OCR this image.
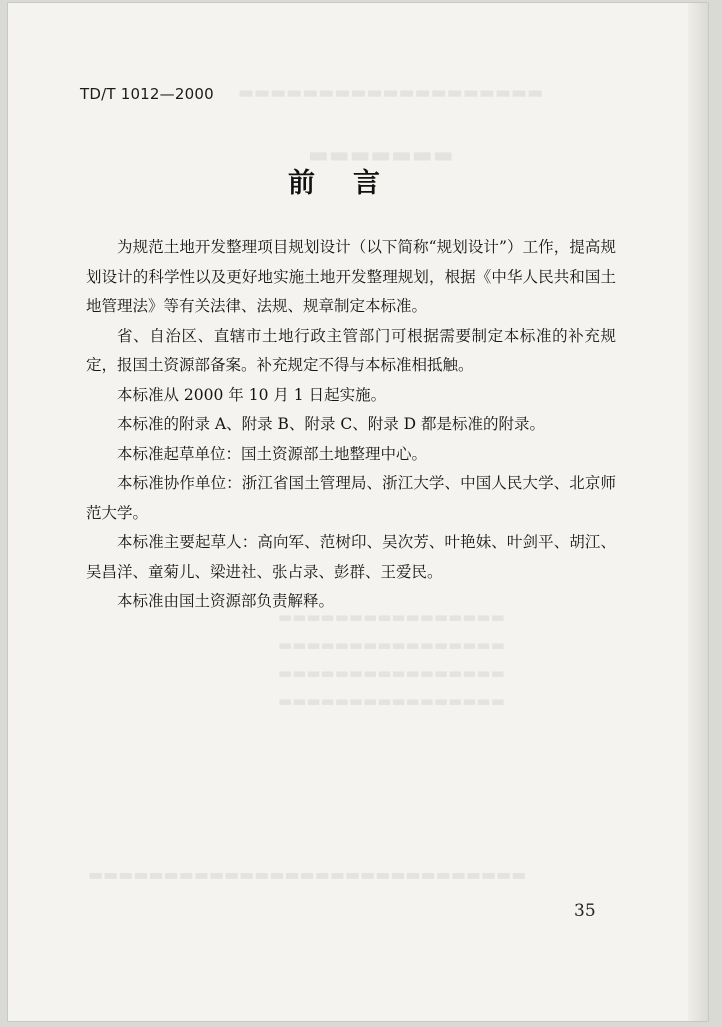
▬▬▬▬▬▬▬▬▬▬▬▬▬▬▬▬▬▬▬
▬▬▬▬▬▬▬
▬▬▬▬▬▬▬▬▬▬▬▬▬▬▬▬
▬▬▬▬▬▬▬▬▬▬▬▬▬▬▬▬
▬▬▬▬▬▬▬▬▬▬▬▬▬▬▬▬
▬▬▬▬▬▬▬▬▬▬▬▬▬▬▬▬
▬▬▬▬▬▬▬▬▬▬▬▬▬▬▬▬▬▬▬▬▬▬▬▬▬▬▬▬▬
TD/T 1012—2000
前言

为规范土地开发整理项目规划设计（以下简称“规划设计”）工作，提高规划设计的科学性以及更好地实施土地开发整理规划，根据《中华人民共和国土地管理法》等有关法律、法规、规章制定本标准。

省、自治区、直辖市土地行政主管部门可根据需要制定本标准的补充规定，报国土资源部备案。补充规定不得与本标准相抵触。

本标准从 2000 年 10 月 1 日起实施。

本标准的附录 A、附录 B、附录 C、附录 D 都是标准的附录。

本标准起草单位：国土资源部土地整理中心。

本标准协作单位：浙江省国土管理局、浙江大学、中国人民大学、北京师范大学。

本标准主要起草人：高向军、范树印、吴次芳、叶艳妹、叶剑平、胡江、吴昌洋、童菊儿、梁进社、张占录、彭群、王爱民。

本标准由国土资源部负责解释。

35
